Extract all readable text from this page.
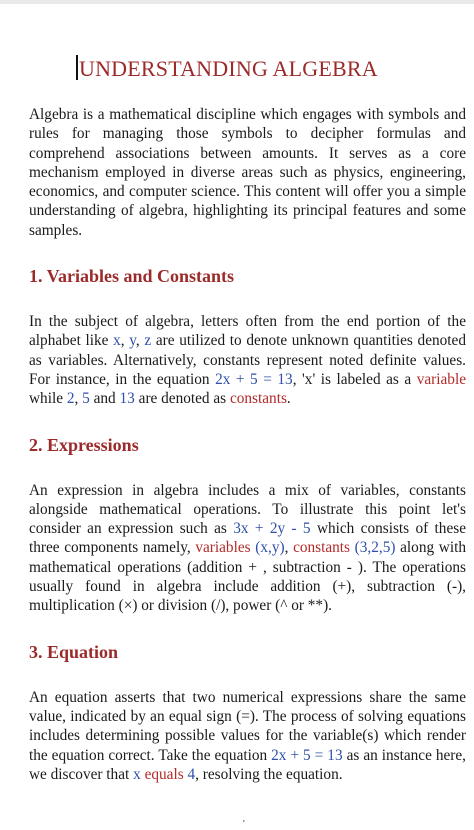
UNDERSTANDING ALGEBRA

Algebra is a mathematical discipline which engages with symbols and rules for managing those symbols to decipher formulas and comprehend associations between amounts. It serves as a core mechanism employed in diverse areas such as physics, engineering, economics, and computer science. This content will offer you a simple understanding of algebra, highlighting its principal features and some samples.

1. Variables and Constants

In the subject of algebra, letters often from the end portion of the alphabet like x, y, z are utilized to denote unknown quantities denoted as variables. Alternatively, constants represent noted definite values. For instance, in the equation 2x + 5 = 13, 'x' is labeled as a variable while 2, 5 and 13 are denoted as constants.

2. Expressions

An expression in algebra includes a mix of variables, constants alongside mathematical operations. To illustrate this point let's consider an expression such as 3x + 2y - 5 which consists of these three components namely, variables (x,y), constants (3,2,5) along with mathematical operations (addition + , subtraction - ). The operations usually found in algebra include addition (+), subtraction (-), multiplication (×) or division (/), power (^ or **).

3. Equation

An equation asserts that two numerical expressions share the same value, indicated by an equal sign (=). The process of solving equations includes determining possible values for the variable(s) which render the equation correct. Take the equation 2x + 5 = 13 as an instance here, we discover that x equals 4, resolving the equation.

'
